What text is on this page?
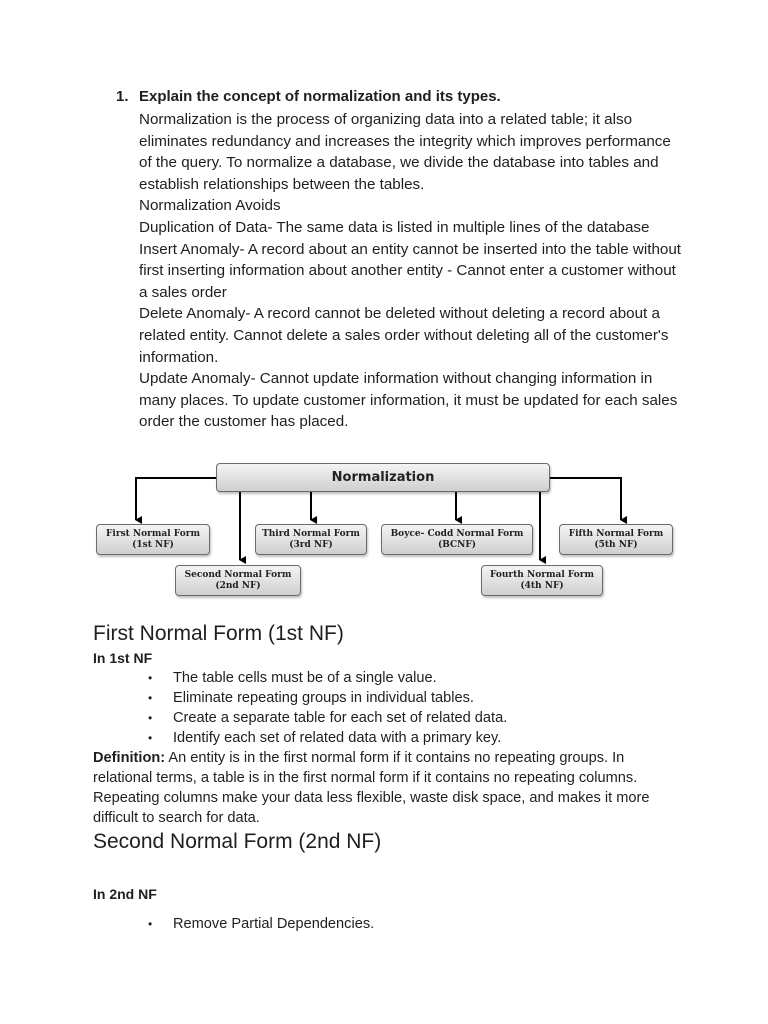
1. Explain the concept of normalization and its types.

Normalization is the process of organizing data into a related table; it also eliminates redundancy and increases the integrity which improves performance of the query. To normalize a database, we divide the database into tables and establish relationships between the tables.

Normalization Avoids

Duplication of Data- The same data is listed in multiple lines of the database

Insert Anomaly- A record about an entity cannot be inserted into the table without first inserting information about another entity - Cannot enter a customer without a sales order

Delete Anomaly- A record cannot be deleted without deleting a record about a related entity. Cannot delete a sales order without deleting all of the customer's information.

Update Anomaly- Cannot update information without changing information in many places. To update customer information, it must be updated for each sales order the customer has placed.

Normalization
First Normal Form
(1st NF)
Third Normal Form
(3rd NF)
Boyce- Codd Normal Form
(BCNF)
Fifth Normal Form
(5th NF)
Second Normal Form
(2nd NF)
Fourth Normal Form
(4th NF)
First Normal Form (1st NF)

In 1st NF

• The table cells must be of a single value.
• Eliminate repeating groups in individual tables.
• Create a separate table for each set of related data.
• Identify each set of related data with a primary key.

Definition: An entity is in the first normal form if it contains no repeating groups. In relational terms, a table is in the first normal form if it contains no repeating columns. Repeating columns make your data less flexible, waste disk space, and makes it more difficult to search for data.

Second Normal Form (2nd NF)

In 2nd NF

• Remove Partial Dependencies.
